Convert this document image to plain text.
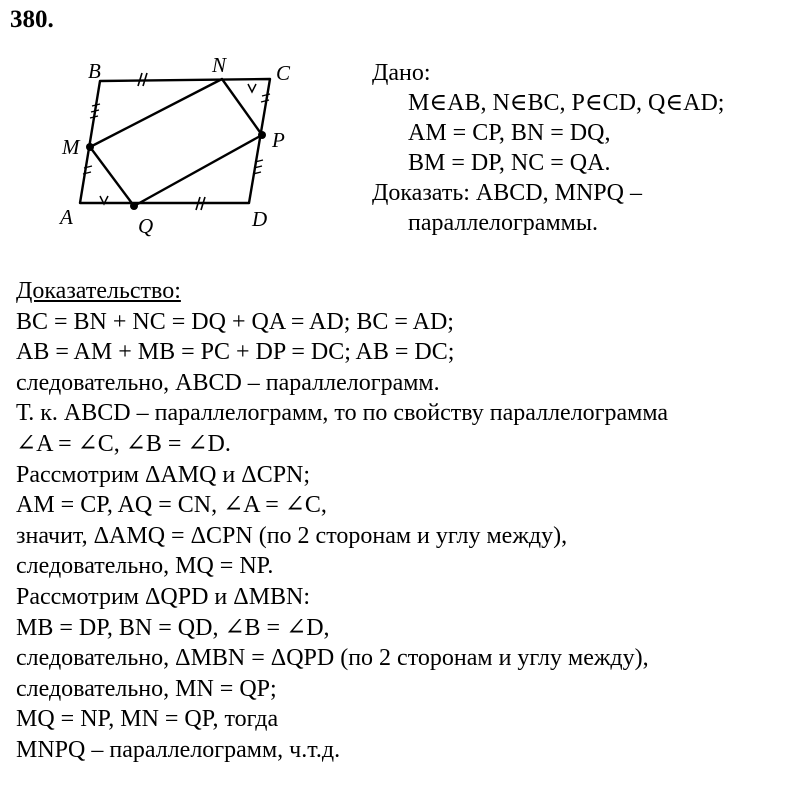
380.
B	N C
M	P
A	Q	D
Дано:
M∈AB, N∈BC, P∈CD, Q∈AD;
AM = CP, BN = DQ,
BM = DP, NC = QA.
Доказать: ABCD, MNPQ –
параллелограммы.
Доказательство:
BC = BN + NC = DQ + QA = AD; BC = AD;
AB = AM + MB = PC + DP = DC; AB = DC;
следовательно, ABCD – параллелограмм.
Т. к. ABCD – параллелограмм, то по свойству параллелограмма
∠A = ∠C, ∠B = ∠D.
Рассмотрим ΔAMQ и ΔCPN;
AM = CP, AQ = CN, ∠A = ∠C,
значит, ΔAMQ = ΔCPN (по 2 сторонам и углу между),
следовательно, MQ = NP.
Рассмотрим ΔQPD и ΔMBN:
MB = DP, BN = QD, ∠B = ∠D,
следовательно, ΔMBN = ΔQPD (по 2 сторонам и углу между),
следовательно, MN = QP;
MQ = NP, MN = QP, тогда
MNPQ – параллелограмм, ч.т.д.
